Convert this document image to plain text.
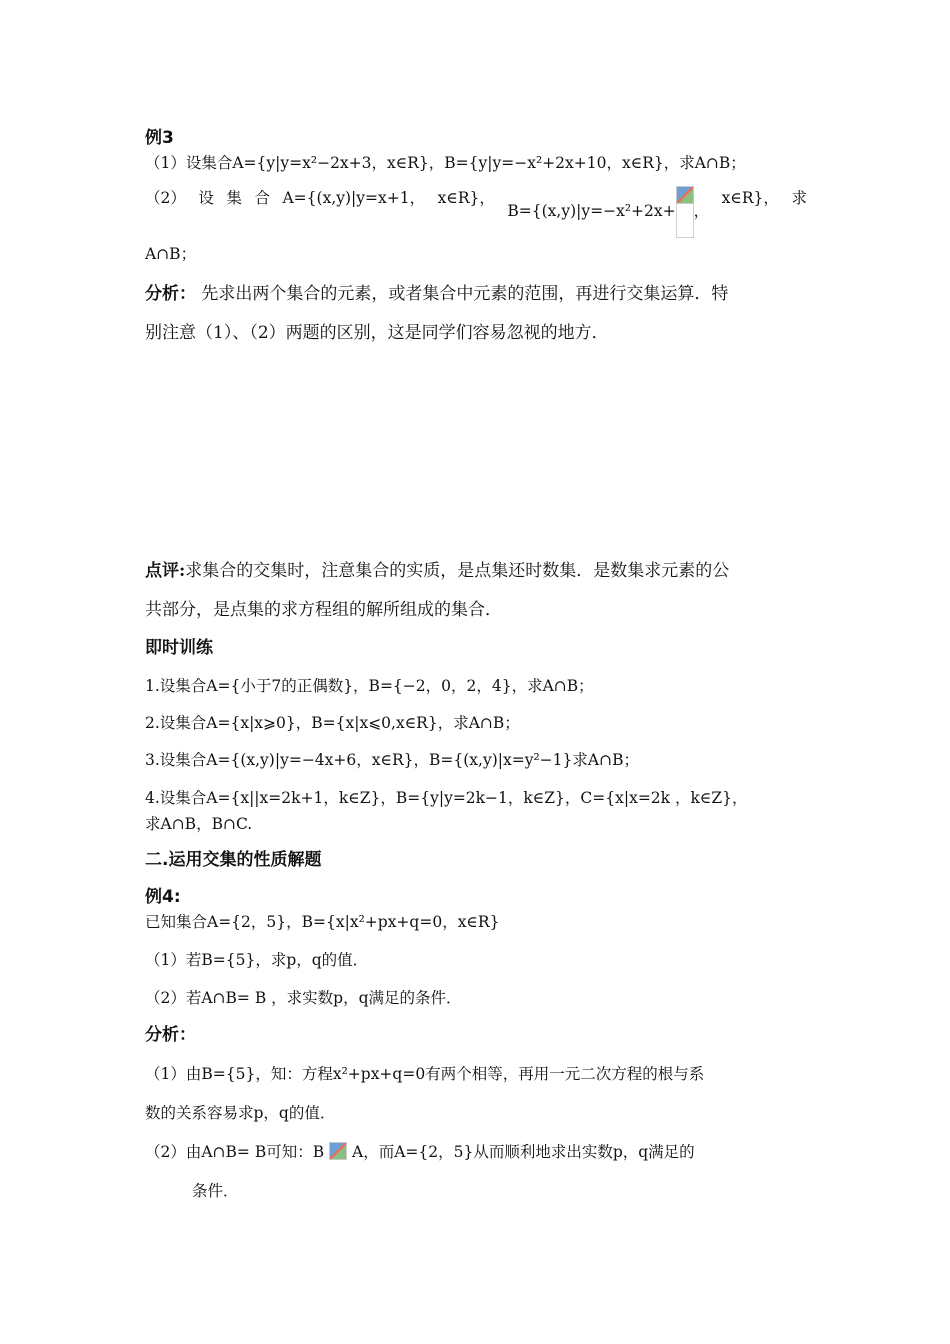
例3
（1）设集合A={y|y=x²−2x+3，x∈R}，B={y|y=−x²+2x+10，x∈R}，求A∩B；
（2） 设 集 合 A={(x,y)|y=x+1， x∈R}，
B={(x,y)|y=−x²+2x+ ，
x∈R}， 求
A∩B；
分析： 先求出两个集合的元素，或者集合中元素的范围，再进行交集运算．特
别注意（1）、（2）两题的区别，这是同学们容易忽视的地方．
点评:求集合的交集时，注意集合的实质，是点集还时数集．是数集求元素的公
共部分，是点集的求方程组的解所组成的集合．
即时训练
1.设集合A={小于7的正偶数}，B={−2，0，2，4}，求A∩B；
2.设集合A={x|x⩾0}，B={x|x⩽0,x∈R}，求A∩B；
3.设集合A={(x,y)|y=−4x+6，x∈R}，B={(x,y)|x=y²−1}求A∩B；
4.设集合A={x||x=2k+1，k∈Z}，B={y|y=2k−1，k∈Z}，C={x|x=2k ，k∈Z}，
求A∩B，B∩C.
二.运用交集的性质解题
例4:
已知集合A={2，5}，B={x|x²+px+q=0，x∈R}
（1）若B={5}，求p，q的值．
（2）若A∩B= B ，求实数p，q满足的条件．
分析：
（1）由B={5}，知：方程x²+px+q=0有两个相等，再用一元二次方程的根与系
数的关系容易求p，q的值．
（2）由A∩B= B可知：B A，而A={2，5}从而顺利地求出实数p，q满足的
条件．
